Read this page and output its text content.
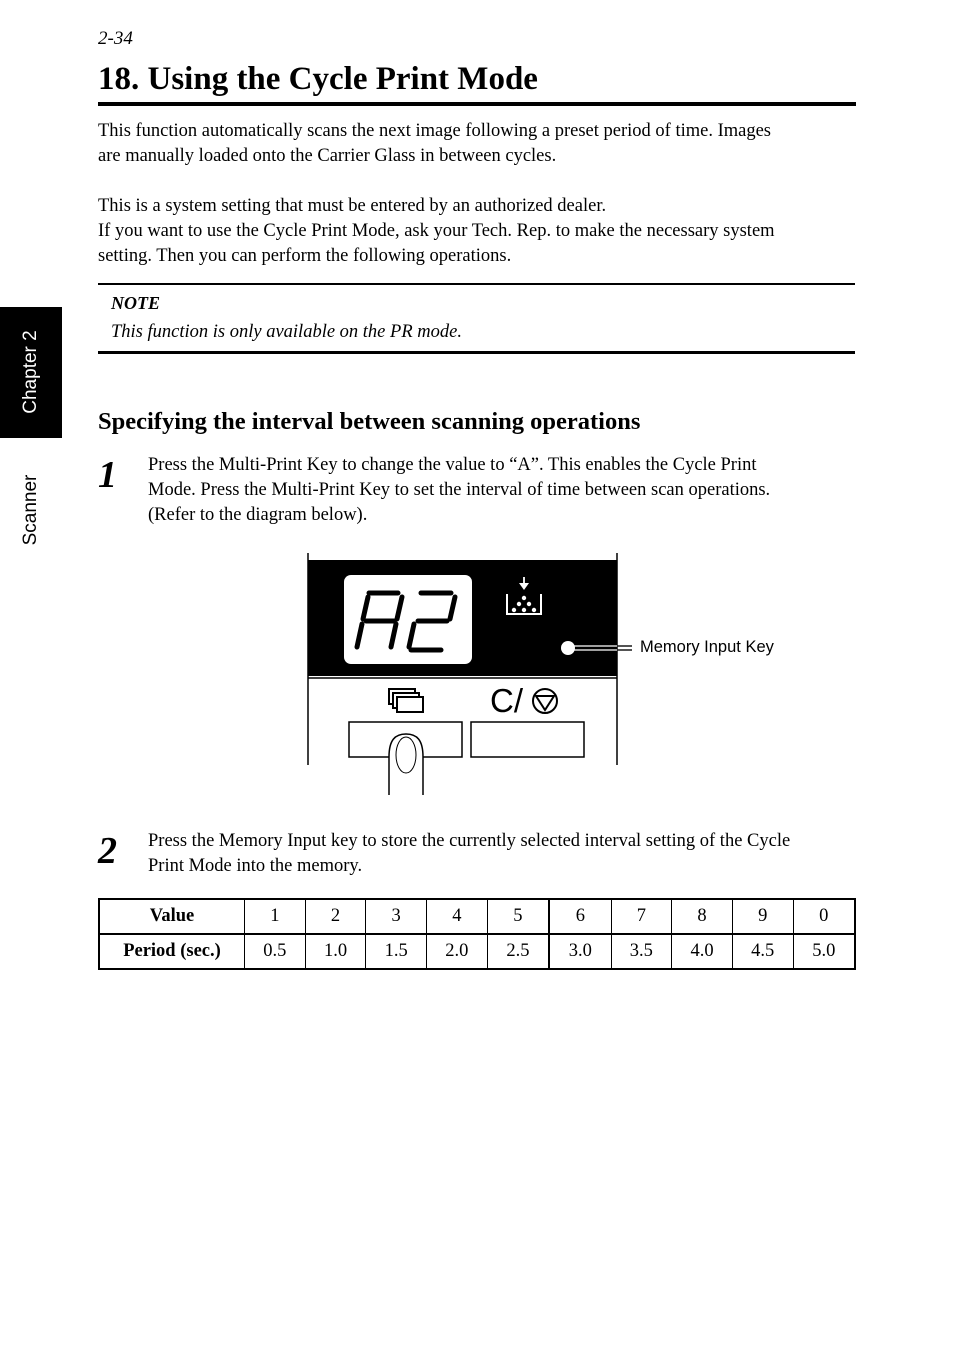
2-34
18. Using the Cycle Print Mode

This function automatically scans the next image following a preset period of time. Images
are manually loaded onto the Carrier Glass in between cycles.

This is a system setting that must be entered by an authorized dealer.
If you want to use the Cycle Print Mode, ask your Tech. Rep. to make the necessary system
setting. Then you can perform the following operations.

NOTE
This function is only available on the PR mode.
Chapter 2
Scanner
Specifying the interval between scanning operations
1 Press the Multi-Print Key to change the value to “A”. This enables the Cycle Print
Mode. Press the Multi-Print Key to set the interval of time between scan operations.
(Refer to the diagram below).

C/
Memory Input Key
2 Press the Memory Input key to store the currently selected interval setting of the Cycle
Print Mode into the memory.

Value	1	2	3	4	5	6	7	8	9	0
Period (sec.)	0.5	1.0	1.5	2.0	2.5	3.0	3.5	4.0	4.5	5.0
